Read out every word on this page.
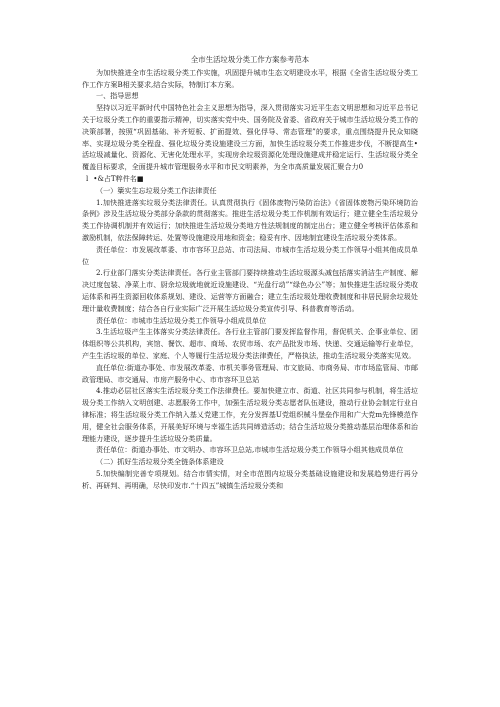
全市生活垃圾分类工作方案参考范本

为加快推进全市生活垃圾分类工作实施，巩固提升城市生态文明建设水平，根据《全省生活垃圾分类工作工作方案B相关要求,结合实际，特制订本方案。

一、指导思想

坚持以习近平新时代中国特色社会主义思想为指导，深入贯彻落实习近平生态文明思想和习近平总书记关于垃圾分类工作的重要指示精神，切实落实党中央、国务院及省委、省政府关于城市生活垃圾分类工作的决策部署，按照“巩固基础、补齐短板、扩面提效、强化俘导、常态管理”的要求，重点围绕提升民众知晓率、实现垃圾分类全程盘、强化垃圾分类设施建设三方面，加快生活垃圾分类工作推进步伐，不断提高生•活垃圾减量化、资源化、无害化处理水平，实现房余垃圾资源化处理设施建成并稳定运行、生活垃圾分类全覆盖目标要求，全面提升城市管理服务水平和市民文明素养，为全市高质量发展汇聚合力0

l •&占T粹件名■

（一）篥实生忘垃圾分类工作法律责任

1.加快推进落实垃圾分类法律责任。认真贯彻执行《固体废物污染防治法》《省固体废物污染环境防治条例》涉及生活垃圾分类部分条款的贯彻落实。推进生活垃圾分类工作机制有效运行；建立健全生活垃圾分类工作协调机制并有效运行；加快推进生活垃圾分类地方性法规制度的制定出台；建立健全考核评估体系和激励机制，依法保障转运、处置等设施建设用地和资金；稳妥有序、因地制宜建设生活垃圾分类体系。

责任单位：市发展改革委、市市容环卫总站、市司法局、市城市生活垃圾分类工作领导小组其他成员单位

2.行业部门落实分类法律责任。各行业主管部门要持续推动生活垃圾源头减包括落实消洁生产制度、解决过度包装、净菜上市、厨余垃圾就地就近设施建设、“光盘行动”“绿色办公”等；加快推进生活垃圾分类收运体系和再生资源回收体系规划、建设、运营等方面融合；建立生活垃圾处理收费制度和非居民厨余垃圾处理计量收费制度；结合各自行业实际广泛开展生活垃圾分类宣传引导、科普教育等活动。

责任单位：市城市生活垃圾分类工作领导小组成员单位

3.生活垃圾产生主体落实分类法律责任。各行业主管部门要发挥监督作用，督促机关、企事业单位、团体组织等公共机构，宾馆、餐饮、超市、商场、农贸市场、农产品批发市场、快递、交通运输等行业单位，产生生活垃圾的单位、家庭、个人等履行生活垃圾分类法律费任，严格执法，推动生活垃圾分类落实见效。

直任单位:街道办事处、市发展改革委、市机关事务管理局、市文旅局、市商务局、市市场监管局、市邮政管理局、市交通局、市房产服务中心、市市容环卫总站

4.推动必层社区落实生活垃圾分类工作法律费任。要加快建立市、街道、社区共同参与机制，将生活垃圾分类工作纳入文明创建、志愿服务工作中，加强生活垃圾分类志愿者队伍建设，推动行业协会制定行业自律标准；将生活垃圾分类工作纳入基乂党建工作，充分发挥基U党组织械斗堡垒作用和广大党m先锋模范作用，健全社会服务体系，开展美好环境与幸福生活共同缔造活动；结合生活垃圾分类推动基层治理体系和治理能力建设，逐步提升生活垃圾分类质量。

责任单位：街道办事处、市文明办、市容环卫总站,市城市生活垃圾分类工作领导小组其他成员单位

（二）抓好生活垃圾分类全链条体系建设

5.加快编制完善专项规划。结合市情实情，对全市范围内垃圾分类基础设施建设和发展趋势进行再分析、再研判、再明确，尽快印发市.“十四五”城镇生活垃圾分类和
